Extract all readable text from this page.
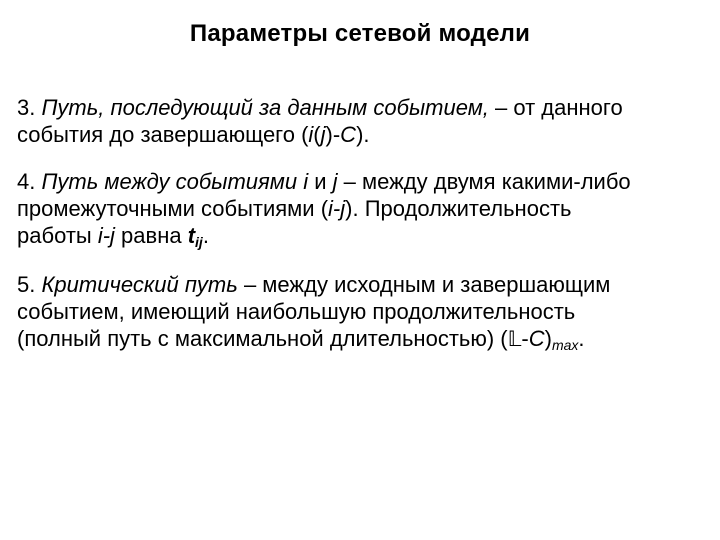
Параметры сетевой модели

3. Путь, последующий за данным событием, – от данного события до завершающего (i(j)-C).

4. Путь между событиями i и j – между двумя какими-либо промежуточными событиями (i-j). Продолжительность работы i-j равна $t_{ij}$.

5. Критический путь – между исходным и завершающим событием, имеющий наибольшую продолжительность (полный путь с максимальной длительностью) $(𝕃-C)_{max}$.
